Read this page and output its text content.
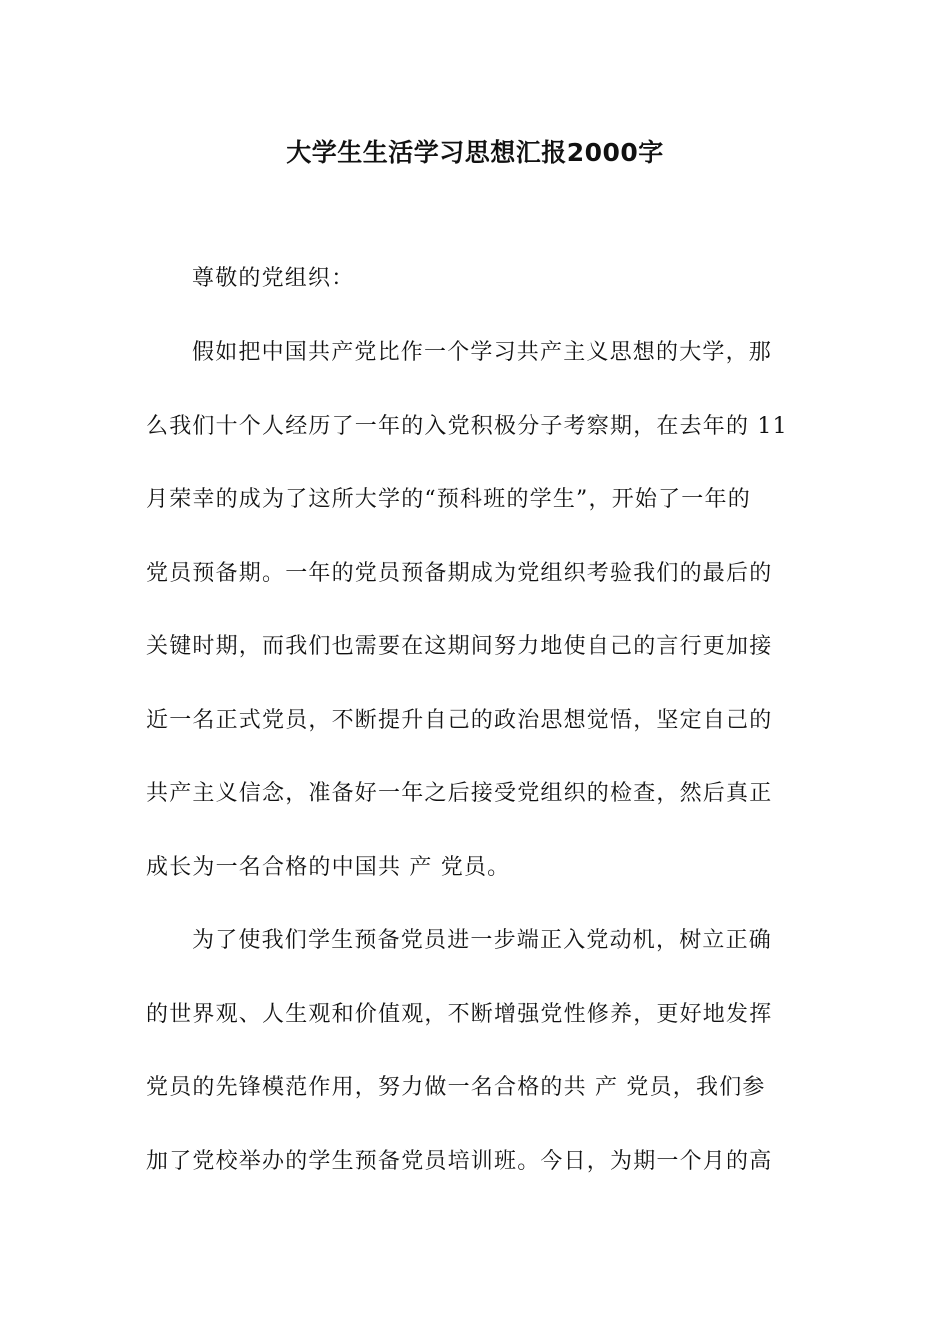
大学生生活学习思想汇报2000字
尊敬的党组织：
假如把中国共产党比作一个学习共产主义思想的大学，那
么我们十个人经历了一年的入党积极分子考察期，在去年的 11
月荣幸的成为了这所大学的“预科班的学生”，开始了一年的
党员预备期。一年的党员预备期成为党组织考验我们的最后的
关键时期，而我们也需要在这期间努力地使自己的言行更加接
近一名正式党员，不断提升自己的政治思想觉悟，坚定自己的
共产主义信念，准备好一年之后接受党组织的检查，然后真正
成长为一名合格的中国共 产 党员。
为了使我们学生预备党员进一步端正入党动机，树立正确
的世界观、人生观和价值观，不断增强党性修养，更好地发挥
党员的先锋模范作用，努力做一名合格的共 产 党员，我们参
加了党校举办的学生预备党员培训班。今日，为期一个月的高
